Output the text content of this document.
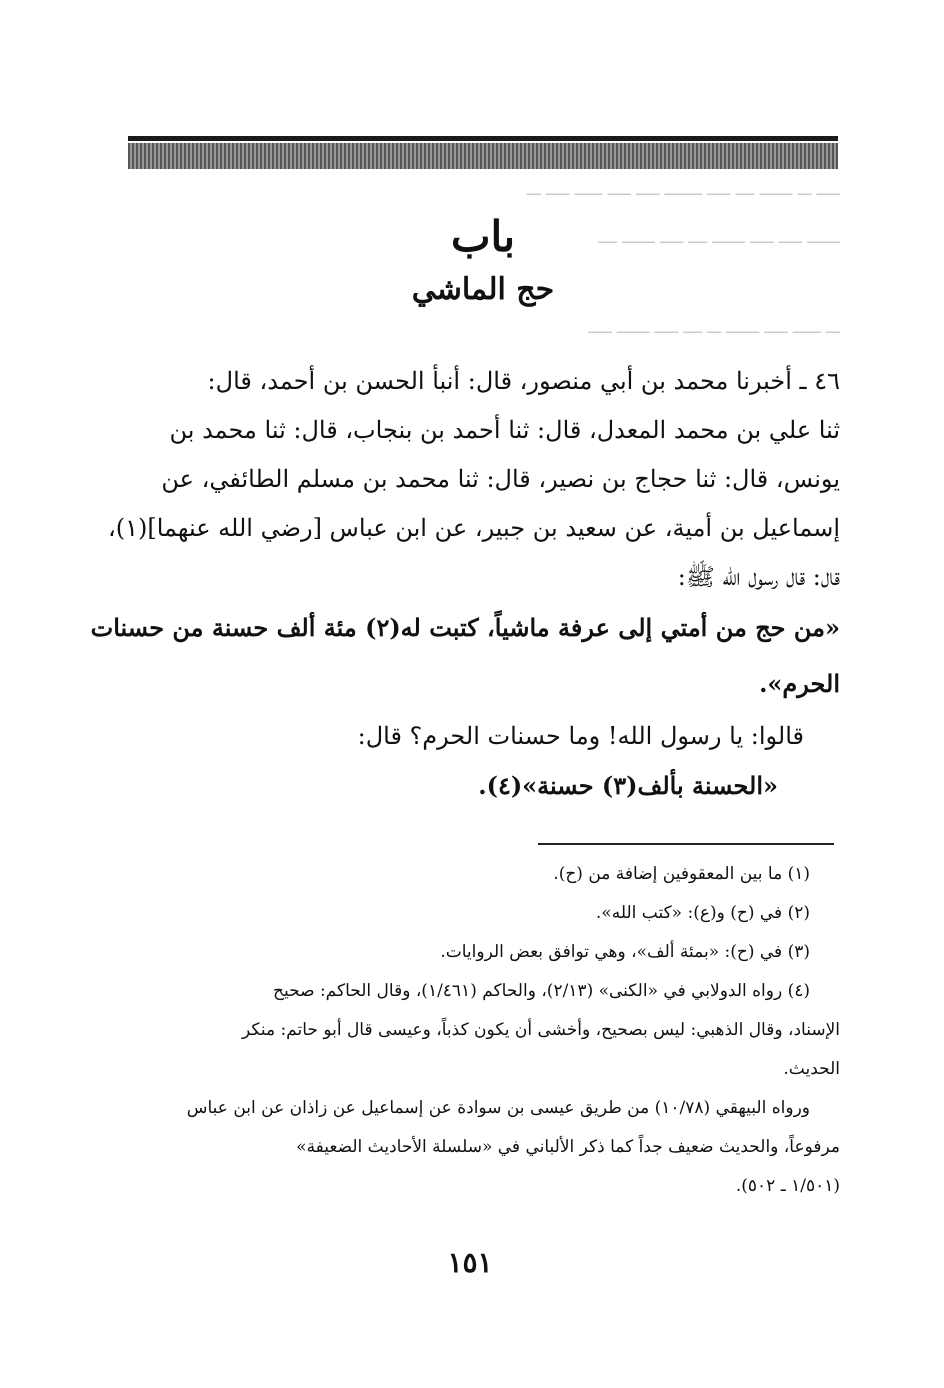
ـــــ ـــ ـــــــ ــــ ـــــ ــــــــ ـــــ ـــــ ــــــ ـــــ ـــ
ـــــــ ـــــ ـــــ ـــــــ ــــ ـــــ ـــــــ ــــ
ـــ ــــــ ـــــ ـــــــ ـــ ــــ ـــــ ـــــــ ـــــ
باب
حج الماشي
٤٦ ـ أخبرنا محمد بن أبي منصور، قال: أنبأ الحسن بن أحمد، قال:
ثنا علي بن محمد المعدل، قال: ثنا أحمد بن بنجاب، قال: ثنا محمد بن
يونس، قال: ثنا حجاج بن نصير، قال: ثنا محمد بن مسلم الطائفي، عن
إسماعيل بن أمية، عن سعيد بن جبير، عن ابن عباس [رضي الله عنهما](١)،
قال: قال رسول الله ﷺ:
«من حج من أمتي إلى عرفة ماشياً، كتبت له(٢) مئة ألف حسنة من حسنات
الحرم».
قالوا: يا رسول الله! وما حسنات الحرم؟ قال:
«الحسنة بألف(٣) حسنة»(٤).
(١) ما بين المعقوفين إضافة من (ح).
(٢) في (ح) و(ع): «كتب الله».
(٣) في (ح): «بمئة ألف»، وهي توافق بعض الروايات.
(٤) رواه الدولابي في «الكنى» (٢/١٣)، والحاكم (١/٤٦١)، وقال الحاكم: صحيح
الإسناد، وقال الذهبي: ليس بصحيح، وأخشى أن يكون كذباً، وعيسى قال أبو حاتم: منكر
الحديث.
ورواه البيهقي (١٠/٧٨) من طريق عيسى بن سوادة عن إسماعيل عن زاذان عن ابن عباس
مرفوعاً، والحديث ضعيف جداً كما ذكر الألباني في «سلسلة الأحاديث الضعيفة»
(١/٥٠١ ـ ٥٠٢).
١٥١
